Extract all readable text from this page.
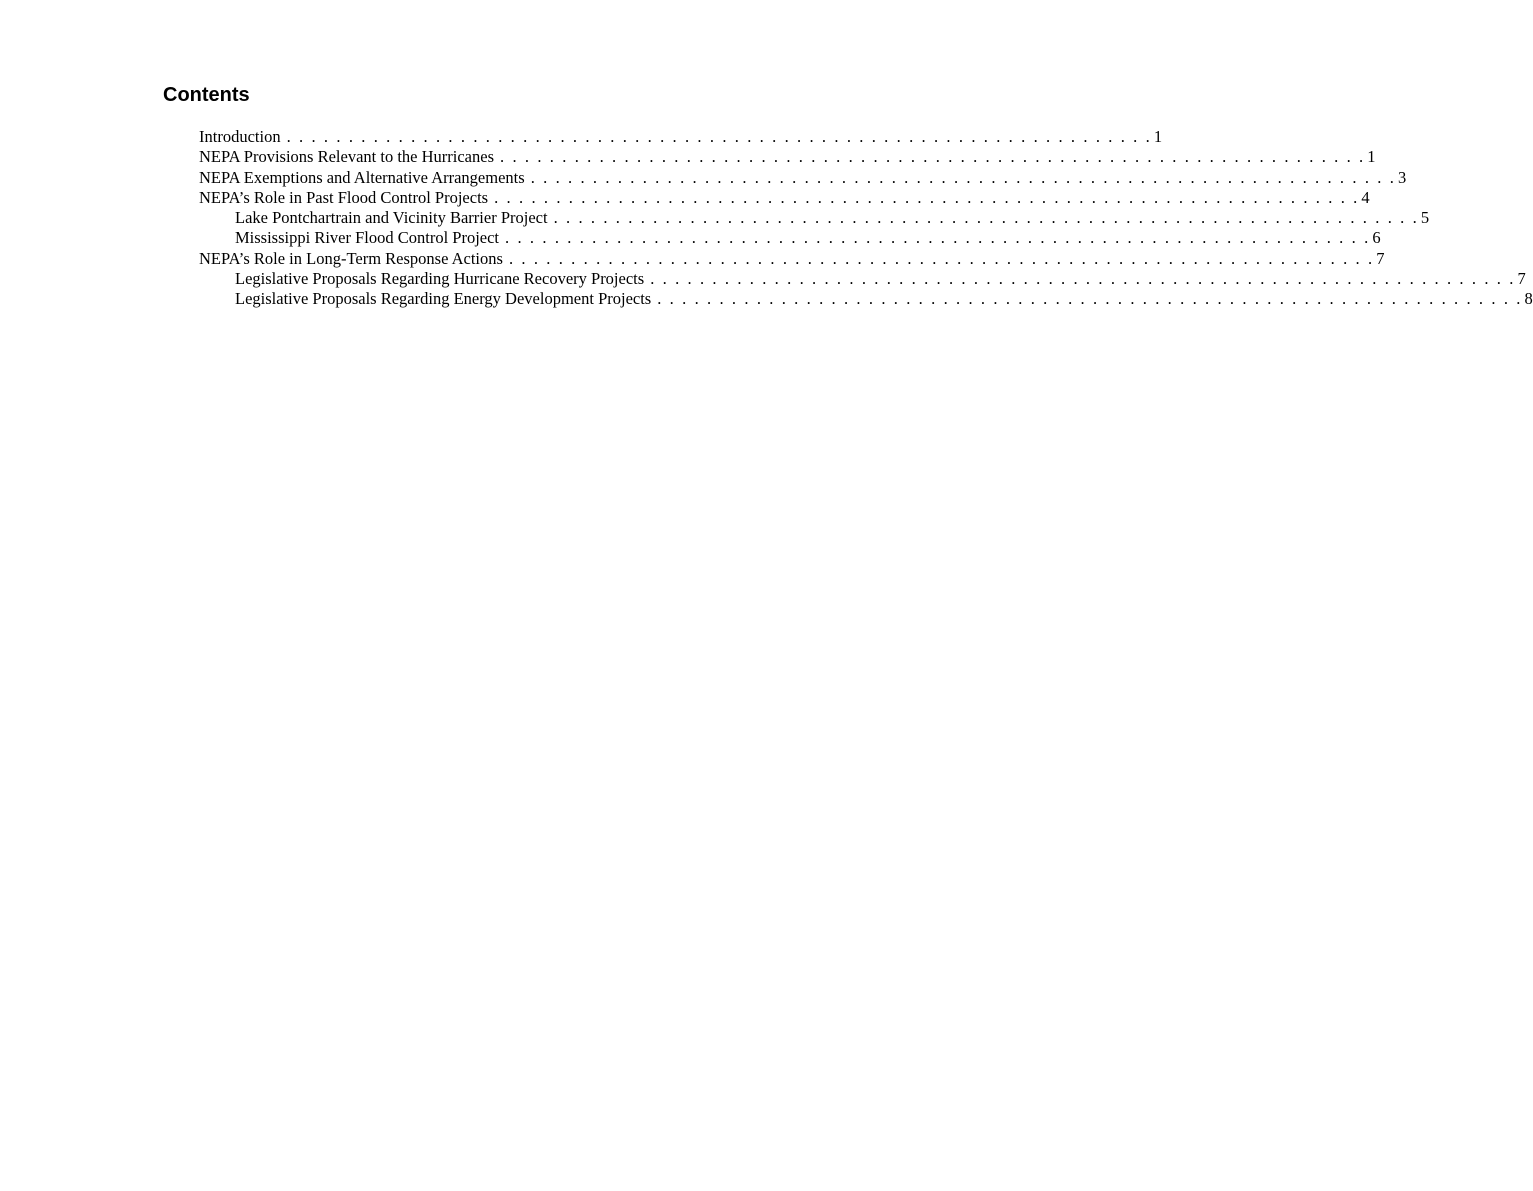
Contents
Introduction . . . . . . . . . . . . . . . . . . . . . . . . . . . . . . . . . . . . . . . . . . . . . . . . . . . . . . . . . . . . . . . . . . . . . . 1
NEPA Provisions Relevant to the Hurricanes . . . . . . . . . . . . . . . . . . . . . . . . . . . . . . . . . . . . . . . . . . . . . . . . . . . . . . . . . . . . . . . . . . . . . . 1
NEPA Exemptions and Alternative Arrangements . . . . . . . . . . . . . . . . . . . . . . . . . . . . . . . . . . . . . . . . . . . . . . . . . . . . . . . . . . . . . . . . . . . . . . 3
NEPA’s Role in Past Flood Control Projects . . . . . . . . . . . . . . . . . . . . . . . . . . . . . . . . . . . . . . . . . . . . . . . . . . . . . . . . . . . . . . . . . . . . . . 4
Lake Pontchartrain and Vicinity Barrier Project . . . . . . . . . . . . . . . . . . . . . . . . . . . . . . . . . . . . . . . . . . . . . . . . . . . . . . . . . . . . . . . . . . . . . . 5
Mississippi River Flood Control Project . . . . . . . . . . . . . . . . . . . . . . . . . . . . . . . . . . . . . . . . . . . . . . . . . . . . . . . . . . . . . . . . . . . . . . 6
NEPA’s Role in Long-Term Response Actions . . . . . . . . . . . . . . . . . . . . . . . . . . . . . . . . . . . . . . . . . . . . . . . . . . . . . . . . . . . . . . . . . . . . . . 7
Legislative Proposals Regarding Hurricane Recovery Projects . . . . . . . . . . . . . . . . . . . . . . . . . . . . . . . . . . . . . . . . . . . . . . . . . . . . . . . . . . . . . . . . . . . . . . 7
Legislative Proposals Regarding Energy Development Projects . . . . . . . . . . . . . . . . . . . . . . . . . . . . . . . . . . . . . . . . . . . . . . . . . . . . . . . . . . . . . . . . . . . . . . 8
